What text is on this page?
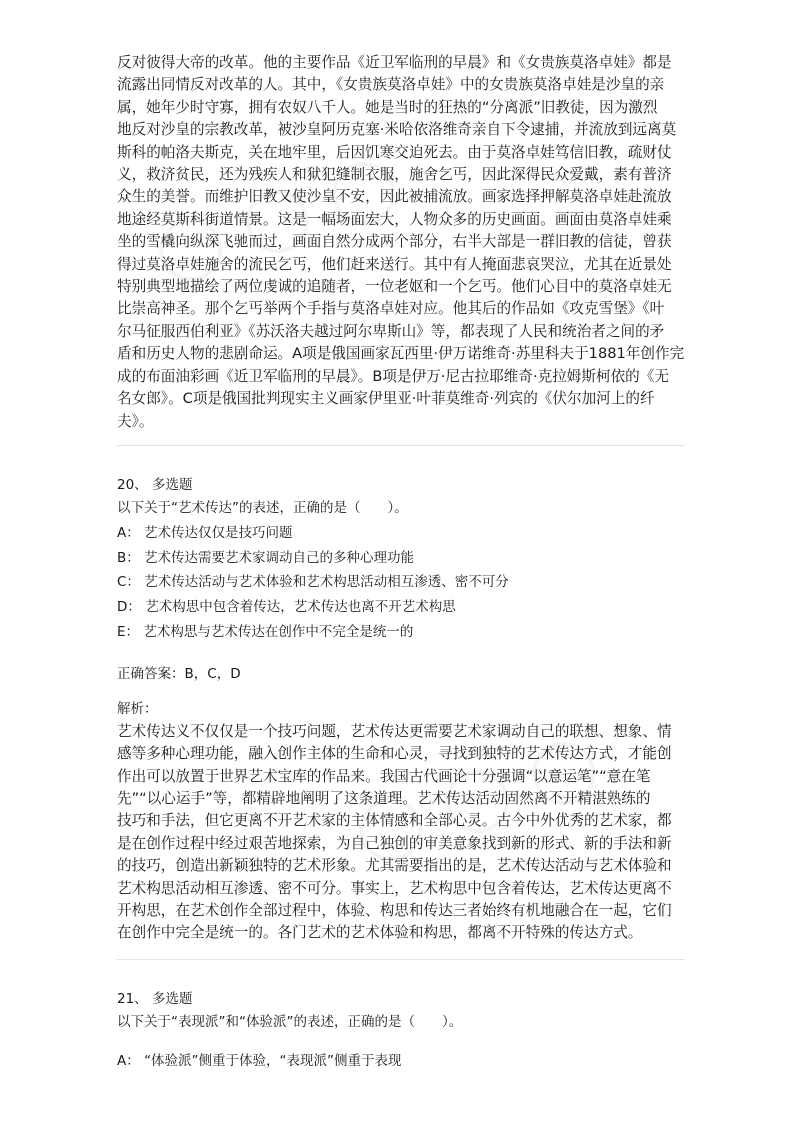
反对彼得大帝的改革。他的主要作品《近卫军临刑的早晨》和《女贵族莫洛卓娃》都是
流露出同情反对改革的人。其中，《女贵族莫洛卓娃》中的女贵族莫洛卓娃是沙皇的亲
属，她年少时守寡，拥有农奴八千人。她是当时的狂热的“分离派”旧教徒，因为激烈
地反对沙皇的宗教改革，被沙皇阿历克塞·米哈依洛维奇亲自下令逮捕，并流放到远离莫
斯科的帕洛夫斯克，关在地牢里，后因饥寒交迫死去。由于莫洛卓娃笃信旧教，疏财仗
义，救济贫民，还为残疾人和狱犯缝制衣服，施舍乞丐，因此深得民众爱戴，素有普济
众生的美誉。而维护旧教又使沙皇不安，因此被捕流放。画家选择押解莫洛卓娃赴流放
地途经莫斯科街道情景。这是一幅场面宏大，人物众多的历史画面。画面由莫洛卓娃乘
坐的雪橇向纵深飞驰而过，画面自然分成两个部分，右半大部是一群旧教的信徒，曾获
得过莫洛卓娃施舍的流民乞丐，他们赶来送行。其中有人掩面悲哀哭泣，尤其在近景处
特别典型地描绘了两位虔诚的追随者，一位老妪和一个乞丐。他们心目中的莫洛卓娃无
比崇高神圣。那个乞丐举两个手指与莫洛卓娃对应。他其后的作品如《攻克雪堡》《叶
尔马征服西伯利亚》《苏沃洛夫越过阿尔卑斯山》等，都表现了人民和统治者之间的矛
盾和历史人物的悲剧命运。A项是俄国画家瓦西里·伊万诺维奇·苏里科夫于1881年创作完
成的布面油彩画《近卫军临刑的早晨》。B项是伊万·尼古拉耶维奇·克拉姆斯柯依的《无
名女郎》。C项是俄国批判现实主义画家伊里亚·叶菲莫维奇·列宾的《伏尔加河上的纤
夫》。

20、 多选题
以下关于“艺术传达”的表述，正确的是（　　）。
A： 艺术传达仅仅是技巧问题
B： 艺术传达需要艺术家调动自己的多种心理功能
C： 艺术传达活动与艺术体验和艺术构思活动相互渗透、密不可分
D： 艺术构思中包含着传达，艺术传达也离不开艺术构思
E： 艺术构思与艺术传达在创作中不完全是统一的
正确答案：B，C，D
解析：

艺术传达义不仅仅是一个技巧问题，艺术传达更需要艺术家调动自己的联想、想象、情
感等多种心理功能，融入创作主体的生命和心灵，寻找到独特的艺术传达方式，才能创
作出可以放置于世界艺术宝库的作品来。我国古代画论十分强调“以意运笔”“意在笔
先”“以心运手”等，都精辟地阐明了这条道理。艺术传达活动固然离不开精湛熟练的
技巧和手法，但它更离不开艺术家的主体情感和全部心灵。古今中外优秀的艺术家，都
是在创作过程中经过艰苦地探索，为自己独创的审美意象找到新的形式、新的手法和新
的技巧，创造出新颖独特的艺术形象。尤其需要指出的是，艺术传达活动与艺术体验和
艺术构思活动相互渗透、密不可分。事实上，艺术构思中包含着传达，艺术传达更离不
开构思，在艺术创作全部过程中，体验、构思和传达三者始终有机地融合在一起，它们
在创作中完全是统一的。各门艺术的艺术体验和构思，都离不开特殊的传达方式。

21、 多选题
以下关于“表现派”和“体验派”的表述，正确的是（　　）。
A： “体验派”侧重于体验，“表现派”侧重于表现
